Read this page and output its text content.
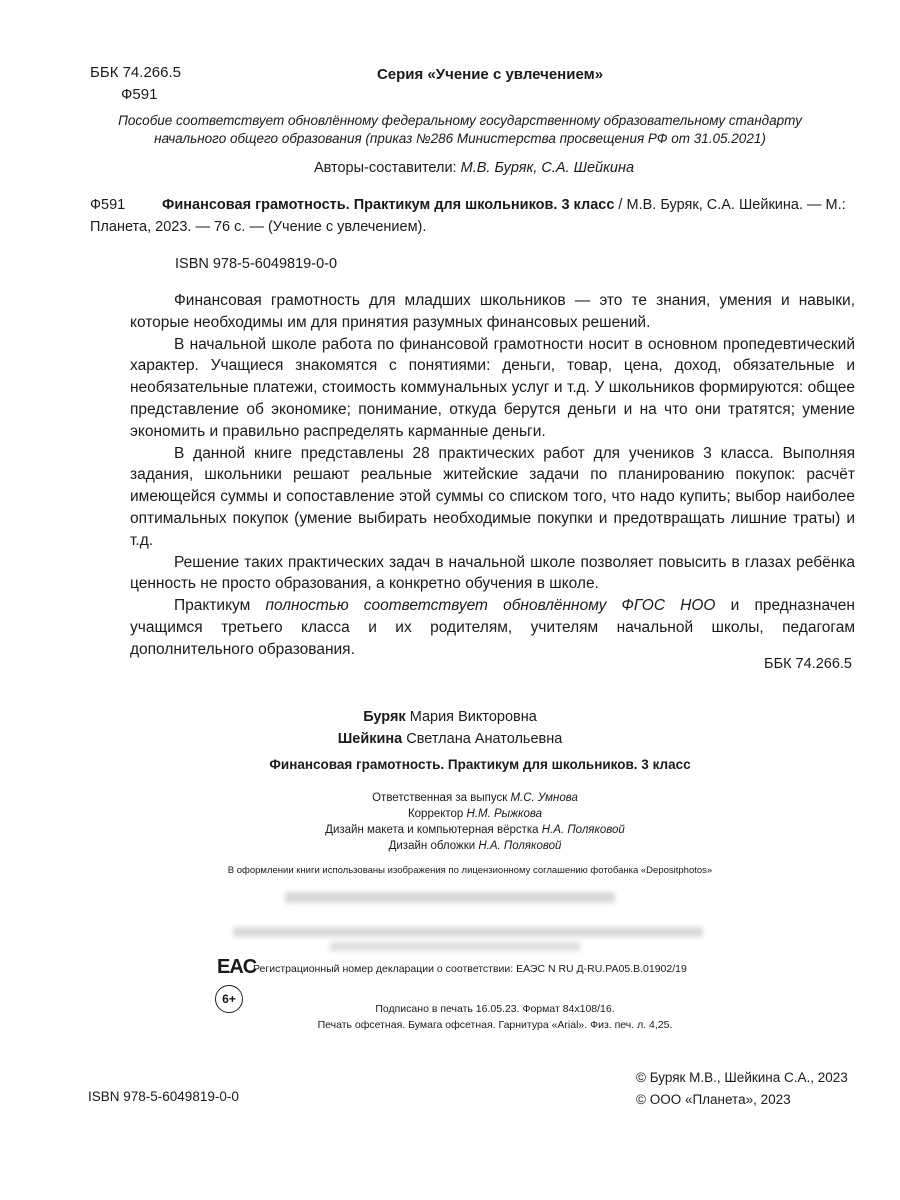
ББК 74.266.5
Ф591
Серия «Учение с увлечением»
Пособие соответствует обновлённому федеральному государственному образовательному стандарту начального общего образования (приказ №286 Министерства просвещения РФ от 31.05.2021)
Авторы-составители: М.В. Буряк, С.А. Шейкина
Ф591	Финансовая грамотность. Практикум для школьников. 3 класс / М.В. Буряк, С.А. Шейкина. — М.: Планета, 2023. — 76 с. — (Учение с увлечением).
ISBN 978-5-6049819-0-0

Финансовая грамотность для младших школьников — это те знания, умения и навыки, которые необходимы им для принятия разумных финансовых решений.

В начальной школе работа по финансовой грамотности носит в основном пропедевтический характер. Учащиеся знакомятся с понятиями: деньги, товар, цена, доход, обязательные и необязательные платежи, стоимость коммунальных услуг и т.д. У школьников формируются: общее представление об экономике; понимание, откуда берутся деньги и на что они тратятся; умение экономить и правильно распределять карманные деньги.

В данной книге представлены 28 практических работ для учеников 3 класса. Выполняя задания, школьники решают реальные житейские задачи по планированию покупок: расчёт имеющейся суммы и сопоставление этой суммы со списком того, что надо купить; выбор наиболее оптимальных покупок (умение выбирать необходимые покупки и предотвращать лишние траты) и т.д.

Решение таких практических задач в начальной школе позволяет повысить в глазах ребёнка ценность не просто образования, а конкретно обучения в школе.

Практикум полностью соответствует обновлённому ФГОС НОО и предназначен учащимся третьего класса и их родителям, учителям начальной школы, педагогам дополнительного образования.

ББК 74.266.5
Буряк Мария Викторовна
Шейкина Светлана Анатольевна
Финансовая грамотность. Практикум для школьников. 3 класс
Ответственная за выпуск М.С. Умнова
Корректор Н.М. Рыжкова
Дизайн макета и компьютерная вёрстка Н.А. Поляковой
Дизайн обложки Н.А. Поляковой
В оформлении книги использованы изображения по лицензионному соглашению фотобанка «Depositphotos»
EAC
Регистрационный номер декларации о соответствии: ЕАЭС N RU Д-RU.РА05.В.01902/19
6+
Подписано в печать 16.05.23. Формат 84x108/16.
Печать офсетная. Бумага офсетная. Гарнитура «Arial». Физ. печ. л. 4,25.
© Буряк М.В., Шейкина С.А., 2023
© ООО «Планета», 2023
ISBN 978-5-6049819-0-0
